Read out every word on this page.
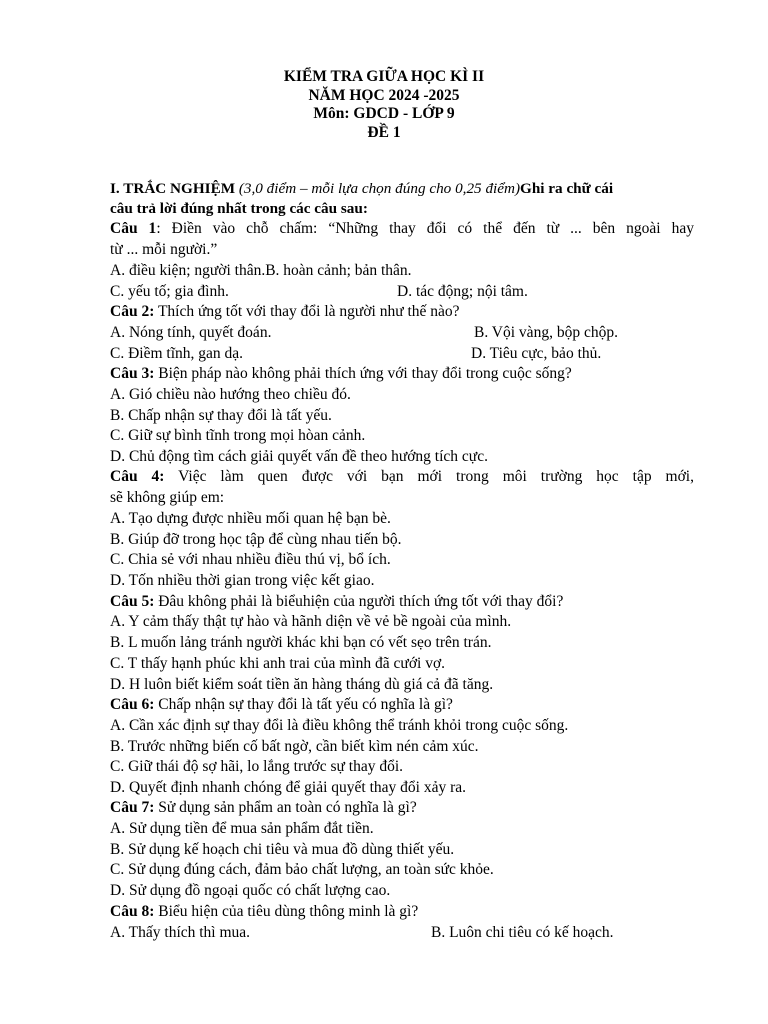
KIỂM TRA GIỮA HỌC KÌ II
NĂM HỌC 2024 -2025
Môn: GDCD - LỚP 9
ĐỀ 1
I. TRẮC NGHIỆM (3,0 điểm – mỗi lựa chọn đúng cho 0,25 điểm)Ghi ra chữ cái
câu trả lời đúng nhất trong các câu sau:
Câu 1: Điền vào chỗ chấm: “Những thay đổi có thể đến từ ... bên ngoài hay
từ ... mỗi người.”
A. điều kiện; người thân.B. hoàn cảnh; bản thân.
C. yếu tố; gia đình.	D. tác động; nội tâm.
Câu 2: Thích ứng tốt với thay đổi là người như thế nào?
A. Nóng tính, quyết đoán.	B. Vội vàng, bộp chộp.
C. Điềm tĩnh, gan dạ.	D. Tiêu cực, bảo thủ.
Câu 3: Biện pháp nào không phải thích ứng với thay đổi trong cuộc sống?
A. Gió chiều nào hướng theo chiều đó.
B. Chấp nhận sự thay đổi là tất yếu.
C. Giữ sự bình tĩnh trong mọi hòan cảnh.
D. Chủ động tìm cách giải quyết vấn đề theo hướng tích cực.
Câu 4: Việc làm quen được với bạn mới trong môi trường học tập mới,
sẽ không giúp em:
A. Tạo dựng được nhiều mối quan hệ bạn bè.
B. Giúp đỡ trong học tập để cùng nhau tiến bộ.
C. Chia sẻ với nhau nhiều điều thú vị, bổ ích.
D. Tốn nhiều thời gian trong việc kết giao.
Câu 5: Đâu không phải là biểuhiện của người thích ứng tốt với thay đổi?
A. Y cảm thấy thật tự hào và hãnh diện về vẻ bề ngoài của mình.
B. L muốn lảng tránh người khác khi bạn có vết sẹo trên trán.
C. T thấy hạnh phúc khi anh trai của mình đã cưới vợ.
D. H luôn biết kiểm soát tiền ăn hàng tháng dù giá cả đã tăng.
Câu 6: Chấp nhận sự thay đổi là tất yếu có nghĩa là gì?
A. Cần xác định sự thay đổi là điều không thể tránh khỏi trong cuộc sống.
B. Trước những biến cố bất ngờ, cần biết kìm nén cảm xúc.
C. Giữ thái độ sợ hãi, lo lắng trước sự thay đổi.
D. Quyết định nhanh chóng để giải quyết thay đổi xảy ra.
Câu 7: Sử dụng sản phẩm an toàn có nghĩa là gì?
A. Sử dụng tiền để mua sản phẩm đắt tiền.
B. Sử dụng kế hoạch chi tiêu và mua đồ dùng thiết yếu.
C. Sử dụng đúng cách, đảm bảo chất lượng, an toàn sức khỏe.
D. Sử dụng đồ ngoại quốc có chất lượng cao.
Câu 8: Biểu hiện của tiêu dùng thông minh là gì?
A. Thấy thích thì mua.	B. Luôn chi tiêu có kế hoạch.
